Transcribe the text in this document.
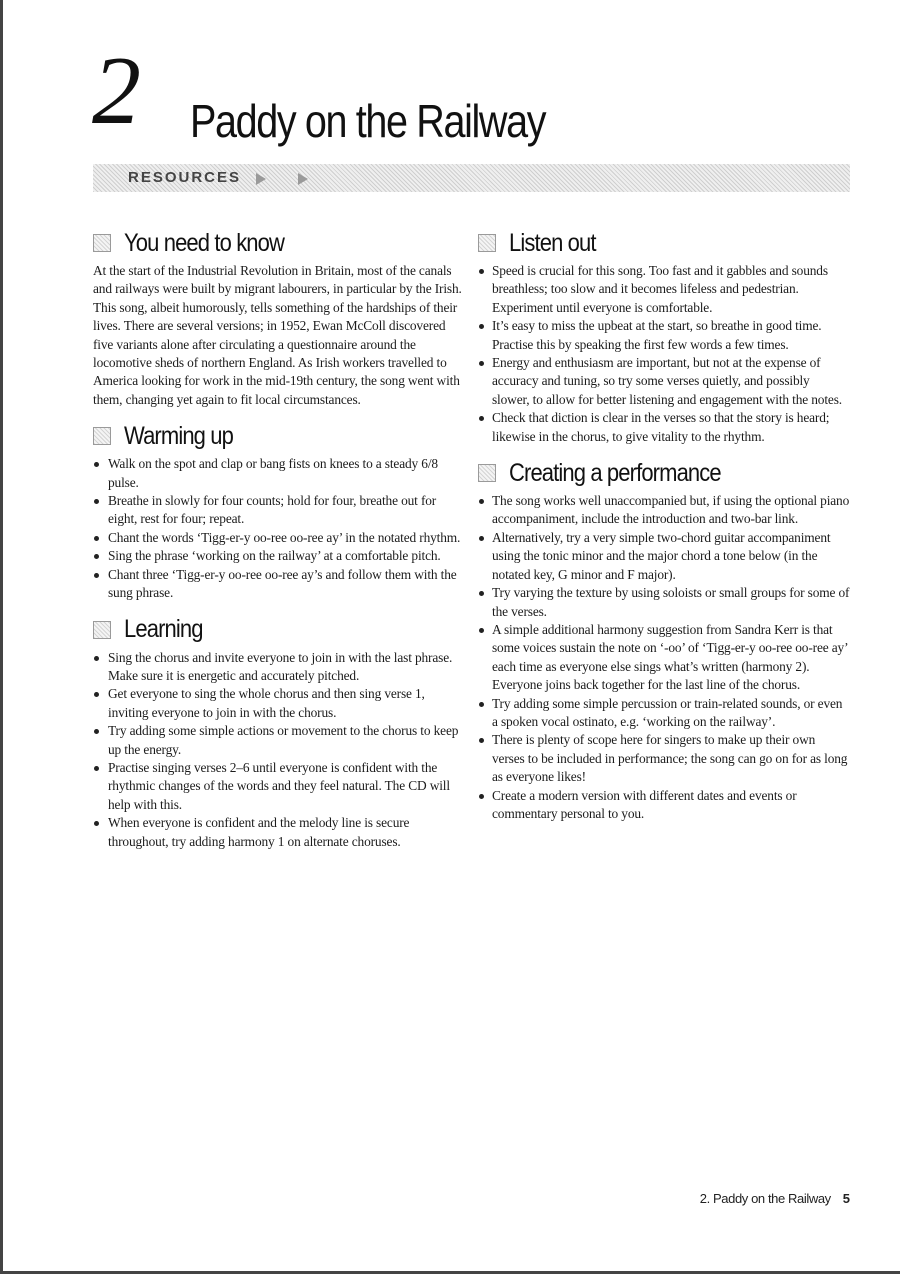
2 Paddy on the Railway
RESOURCES
You need to know

At the start of the Industrial Revolution in Britain, most of the canals and railways were built by migrant labourers, in particular by the Irish. This song, albeit humorously, tells something of the hardships of their lives. There are several versions; in 1952, Ewan McColl discovered five variants alone after circulating a questionnaire around the locomotive sheds of northern England. As Irish workers travelled to America looking for work in the mid-19th century, the song went with them, changing yet again to fit local circumstances.

Warming up
Walk on the spot and clap or bang fists on knees to a steady 6/8 pulse.
Breathe in slowly for four counts; hold for four, breathe out for eight, rest for four; repeat.
Chant the words ‘Tigg-er-y oo-ree oo-ree ay’ in the notated rhythm.
Sing the phrase ‘working on the railway’ at a comfortable pitch.
Chant three ‘Tigg-er-y oo-ree oo-ree ay’s and follow them with the sung phrase.
Learning
Sing the chorus and invite everyone to join in with the last phrase. Make sure it is energetic and accurately pitched.
Get everyone to sing the whole chorus and then sing verse 1, inviting everyone to join in with the chorus.
Try adding some simple actions or movement to the chorus to keep up the energy.
Practise singing verses 2–6 until everyone is confident with the rhythmic changes of the words and they feel natural. The CD will help with this.
When everyone is confident and the melody line is secure throughout, try adding harmony 1 on alternate choruses.
Listen out
Speed is crucial for this song. Too fast and it gabbles and sounds breathless; too slow and it becomes lifeless and pedestrian. Experiment until everyone is comfortable.
It’s easy to miss the upbeat at the start, so breathe in good time. Practise this by speaking the first few words a few times.
Energy and enthusiasm are important, but not at the expense of accuracy and tuning, so try some verses quietly, and possibly slower, to allow for better listening and engagement with the notes.
Check that diction is clear in the verses so that the story is heard; likewise in the chorus, to give vitality to the rhythm.
Creating a performance
The song works well unaccompanied but, if using the optional piano accompaniment, include the introduction and two-bar link.
Alternatively, try a very simple two-chord guitar accompaniment using the tonic minor and the major chord a tone below (in the notated key, G minor and F major).
Try varying the texture by using soloists or small groups for some of the verses.
A simple additional harmony suggestion from Sandra Kerr is that some voices sustain the note on ‘-oo’ of ‘Tigg-er-y oo-ree oo-ree ay’ each time as everyone else sings what’s written (harmony 2). Everyone joins back together for the last line of the chorus.
Try adding some simple percussion or train-related sounds, or even a spoken vocal ostinato, e.g. ‘working on the railway’.
There is plenty of scope here for singers to make up their own verses to be included in performance; the song can go on for as long as everyone likes!
Create a modern version with different dates and events or commentary personal to you.
2. Paddy on the Railway 5
